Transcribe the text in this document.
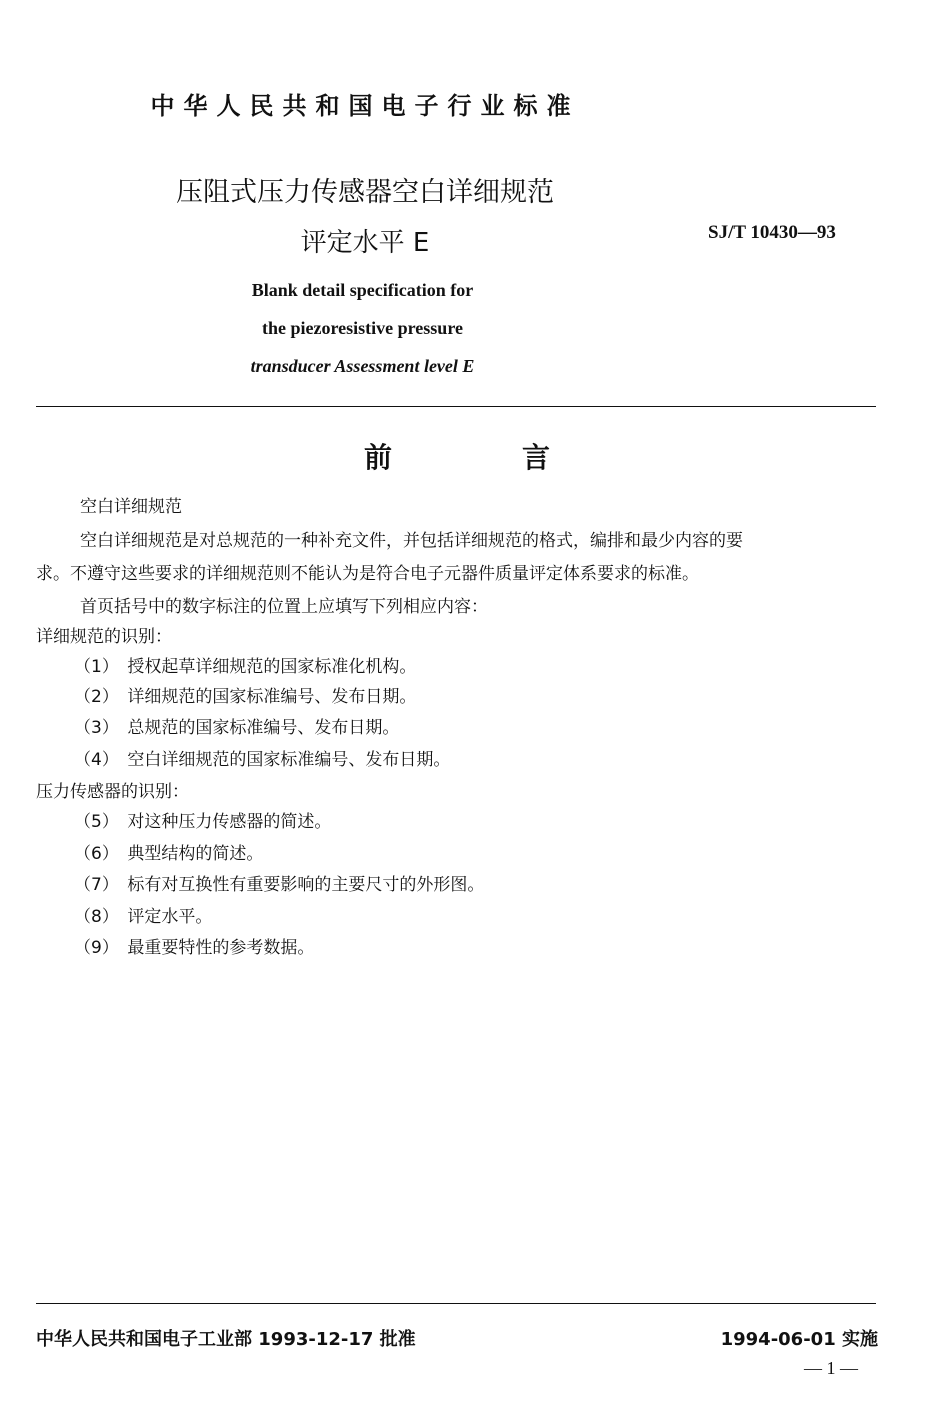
中华人民共和国电子行业标准
压阻式压力传感器空白详细规范
评定水平 E	SJ/T 10430—93
Blank detail specification for
the piezoresistive pressure
transducer Assessment level E
前	言
空白详细规范
空白详细规范是对总规范的一种补充文件，并包括详细规范的格式，编排和最少内容的要
求。不遵守这些要求的详细规范则不能认为是符合电子元器件质量评定体系要求的标准。
首页括号中的数字标注的位置上应填写下列相应内容：
详细规范的识别：
（1）　授权起草详细规范的国家标准化机构。
（2）　详细规范的国家标准编号、发布日期。
（3）　总规范的国家标准编号、发布日期。
（4）　空白详细规范的国家标准编号、发布日期。
压力传感器的识别：
（5）　对这种压力传感器的简述。
（6）　典型结构的简述。
（7）　标有对互换性有重要影响的主要尺寸的外形图。
（8）　评定水平。
（9）　最重要特性的参考数据。
中华人民共和国电子工业部 1993-12-17 批准	1994-06-01 实施
— 1 —
